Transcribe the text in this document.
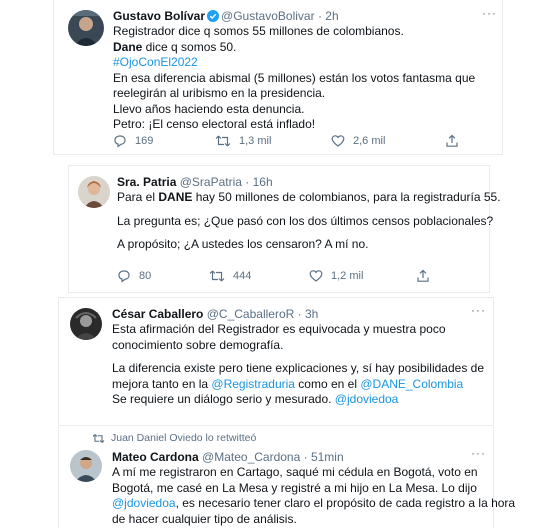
Gustavo Bolívar @GustavoBolivar · 2h	···
Registrador dice q somos 55 millones de colombianos.
Dane dice q somos 50.
#OjoConEl2022
En esa diferencia abismal (5 millones) están los votos fantasma que
reelegirán al uribismo en la presidencia.
Llevo años haciendo esta denuncia.
Petro: ¡El censo electoral está inflado!
169	1,3 mil	2,6 mil
Sra. Patria @SraPatria · 16h
Para el DANE hay 50 millones de colombianos, para la registraduría 55.
La pregunta es; ¿Que pasó con los dos últimos censos poblacionales?
A propósito; ¿A ustedes los censaron? A mí no.
80	444	1,2 mil
César Caballero @C_CaballeroR · 3h	···
Esta afirmación del Registrador es equivocada y muestra poco
conocimiento sobre demografía.
La diferencia existe pero tiene explicaciones y, sí hay posibilidades de
mejora tanto en la @Registraduria como en el @DANE_Colombia
Se requiere un diálogo serio y mesurado. @jdoviedoa
Juan Daniel Oviedo lo retwitteó
Mateo Cardona @Mateo_Cardona · 51min	···
A mí me registraron en Cartago, saqué mi cédula en Bogotá, voto en
Bogotá, me casé en La Mesa y registré a mi hijo en La Mesa. Lo dijo
@jdoviedoa, es necesario tener claro el propósito de cada registro a la hora
de hacer cualquier tipo de análisis.
